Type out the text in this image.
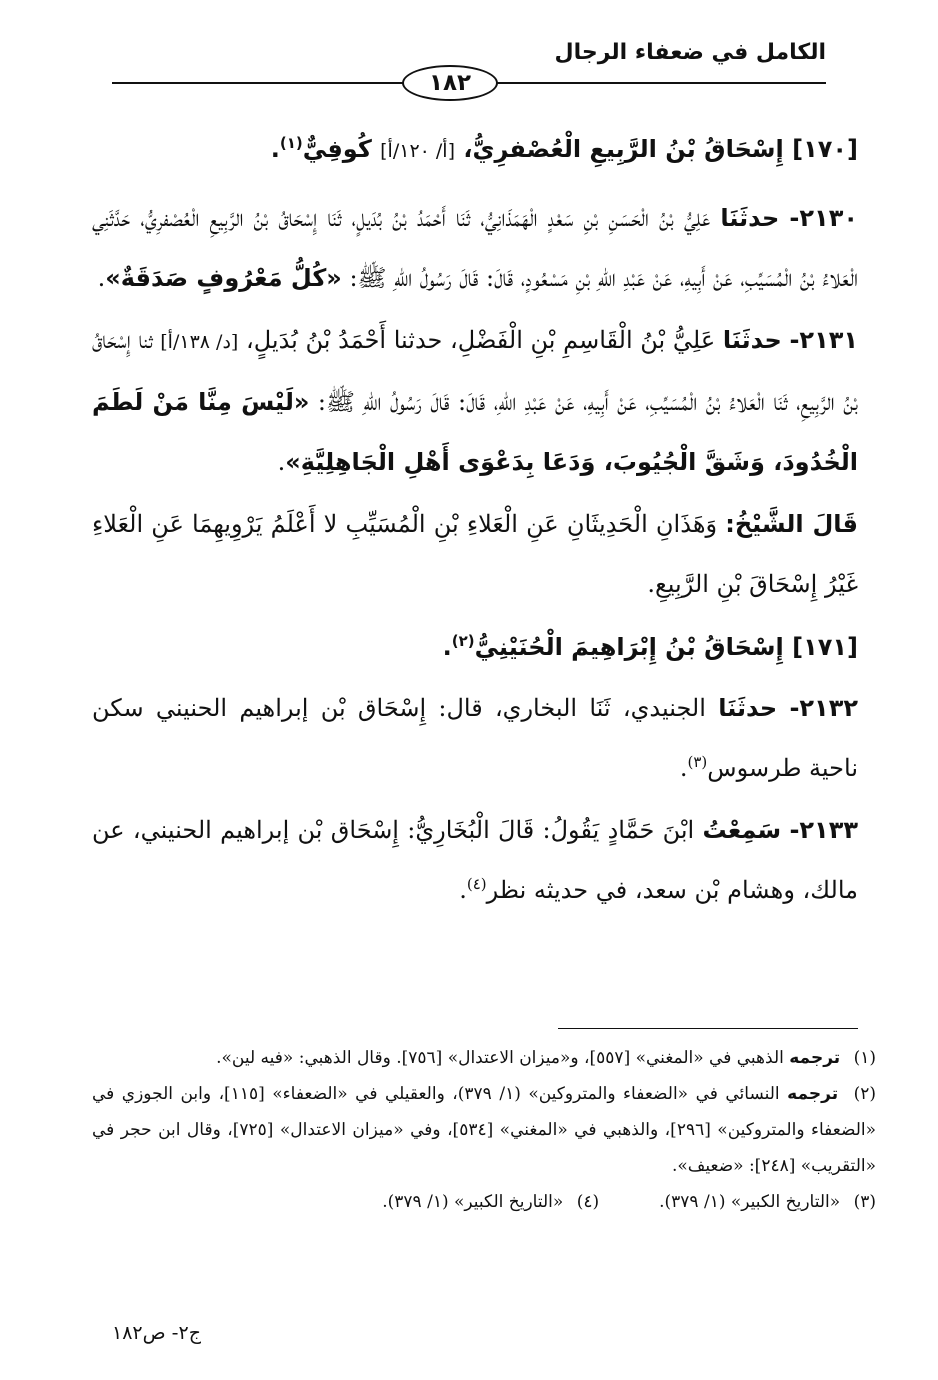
الكامل في ضعفاء الرجال
١٨٢

[١٧٠] إِسْحَاقُ بْنُ الرَّبِيعِ الْعُصْفرِيُّ، [أ/ ١٢٠/أ] كُوفِيٌّ$^{(١)}$.

٢١٣٠- حدثَنَا عَلِيُّ بْنُ الْحَسَنِ بْنِ سَعْدٍ الْهَمَذَانِيُّ، ثَنَا أَحْمَدُ بْنُ بُدَيلٍ، ثَنَا إِسْحَاقُ بْنُ الرَّبِيعِ الْعُصْفرِيُّ، حَدَّثَنِي الْعَلاءُ بْنُ الْمُسَيِّبِ، عَنْ أَبِيهِ، عَنْ عَبْدِ اللهِ بْنِ مَسْعُودٍ، قَالَ: قَالَ رَسُولُ اللهِ ﷺ: «كُلُّ مَعْرُوفٍ صَدَقَةٌ».

٢١٣١- حدثَنَا عَلِيُّ بْنُ الْقَاسِمِ بْنِ الْفَضْلِ، حدثنا أَحْمَدُ بْنُ بُدَيلٍ، [د/ ١٣٨/أ] ثنا إِسْحَاقُ بْنُ الرَّبِيعِ، ثَنَا الْعَلاءُ بْنُ الْمُسَيِّبِ، عَنْ أَبِيهِ، عَنْ عَبْدِ اللهِ، قَالَ: قَالَ رَسُولُ اللهِ ﷺ: «لَيْسَ مِنَّا مَنْ لَطَمَ الْخُدُودَ، وَشَقَّ الْجُيُوبَ، وَدَعَا بِدَعْوَى أَهْلِ الْجَاهِلِيَّةِ».

قَالَ الشَّيْخُ: وَهَذَانِ الْحَدِيثَانِ عَنِ الْعَلاءِ بْنِ الْمُسَيِّبِ لا أَعْلَمُ يَرْوِيهِمَا عَنِ الْعَلاءِ غَيْرُ إِسْحَاقَ بْنِ الرَّبِيعِ.

[١٧١] إِسْحَاقُ بْنُ إِبْرَاهِيمَ الْحُنَيْنِيُّ$^{(٢)}$.

٢١٣٢- حدثَنَا الجنيدي، ثَنَا البخاري، قال: إِسْحَاق بْن إبراهيم الحنيني سكن ناحية طرسوس$^{(٣)}$.

٢١٣٣- سَمِعْتُ ابْنَ حَمَّادٍ يَقُولُ: قَالَ الْبُخَارِيُّ: إِسْحَاق بْن إبراهيم الحنيني، عن مالك، وهشام بْن سعد، في حديثه نظر$^{(٤)}$.

(١) ترجمه الذهبي في «المغني» [٥٥٧]، و«ميزان الاعتدال» [٧٥٦]. وقال الذهبي: «فيه لين».

(٢) ترجمه النسائي في «الضعفاء والمتروكين» (١/ ٣٧٩)، والعقيلي في «الضعفاء» [١١٥]، وابن الجوزي في «الضعفاء والمتروكين» [٢٩٦]، والذهبي في «المغني» [٥٣٤]، وفي «ميزان الاعتدال» [٧٢٥]، وقال ابن حجر في «التقريب» [٢٤٨]: «ضعيف».

(٣) «التاريخ الكبير» (١/ ٣٧٩).

(٤) «التاريخ الكبير» (١/ ٣٧٩).

ج٢- ص١٨٢
